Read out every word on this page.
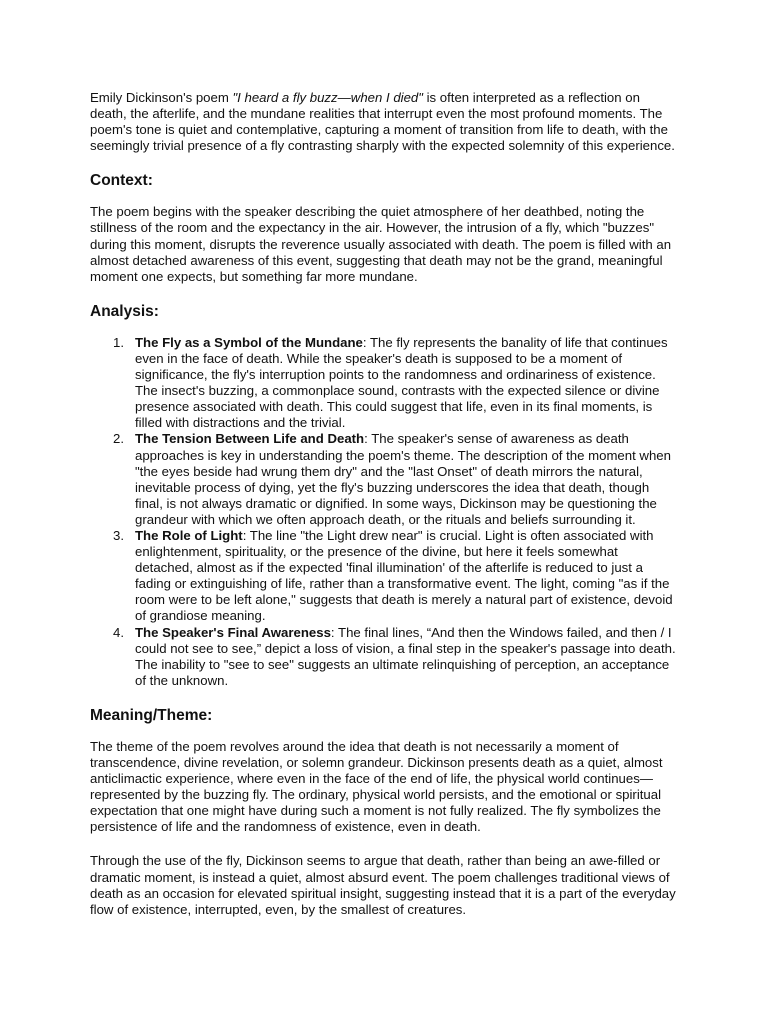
Emily Dickinson's poem "I heard a fly buzz—when I died" is often interpreted as a reflection on death, the afterlife, and the mundane realities that interrupt even the most profound moments. The poem's tone is quiet and contemplative, capturing a moment of transition from life to death, with the seemingly trivial presence of a fly contrasting sharply with the expected solemnity of this experience.

Context:

The poem begins with the speaker describing the quiet atmosphere of her deathbed, noting the stillness of the room and the expectancy in the air. However, the intrusion of a fly, which "buzzes" during this moment, disrupts the reverence usually associated with death. The poem is filled with an almost detached awareness of this event, suggesting that death may not be the grand, meaningful moment one expects, but something far more mundane.

Analysis:
1. The Fly as a Symbol of the Mundane: The fly represents the banality of life that continues even in the face of death. While the speaker's death is supposed to be a moment of significance, the fly's interruption points to the randomness and ordinariness of existence. The insect's buzzing, a commonplace sound, contrasts with the expected silence or divine presence associated with death. This could suggest that life, even in its final moments, is filled with distractions and the trivial.
2. The Tension Between Life and Death: The speaker's sense of awareness as death approaches is key in understanding the poem's theme. The description of the moment when "the eyes beside had wrung them dry" and the "last Onset" of death mirrors the natural, inevitable process of dying, yet the fly's buzzing underscores the idea that death, though final, is not always dramatic or dignified. In some ways, Dickinson may be questioning the grandeur with which we often approach death, or the rituals and beliefs surrounding it.
3. The Role of Light: The line "the Light drew near" is crucial. Light is often associated with enlightenment, spirituality, or the presence of the divine, but here it feels somewhat detached, almost as if the expected 'final illumination' of the afterlife is reduced to just a fading or extinguishing of life, rather than a transformative event. The light, coming "as if the room were to be left alone," suggests that death is merely a natural part of existence, devoid of grandiose meaning.
4. The Speaker's Final Awareness: The final lines, “And then the Windows failed, and then / I could not see to see,” depict a loss of vision, a final step in the speaker's passage into death. The inability to "see to see" suggests an ultimate relinquishing of perception, an acceptance of the unknown.
Meaning/Theme:

The theme of the poem revolves around the idea that death is not necessarily a moment of transcendence, divine revelation, or solemn grandeur. Dickinson presents death as a quiet, almost anticlimactic experience, where even in the face of the end of life, the physical world continues—represented by the buzzing fly. The ordinary, physical world persists, and the emotional or spiritual expectation that one might have during such a moment is not fully realized. The fly symbolizes the persistence of life and the randomness of existence, even in death.

Through the use of the fly, Dickinson seems to argue that death, rather than being an awe-filled or dramatic moment, is instead a quiet, almost absurd event. The poem challenges traditional views of death as an occasion for elevated spiritual insight, suggesting instead that it is a part of the everyday flow of existence, interrupted, even, by the smallest of creatures.
